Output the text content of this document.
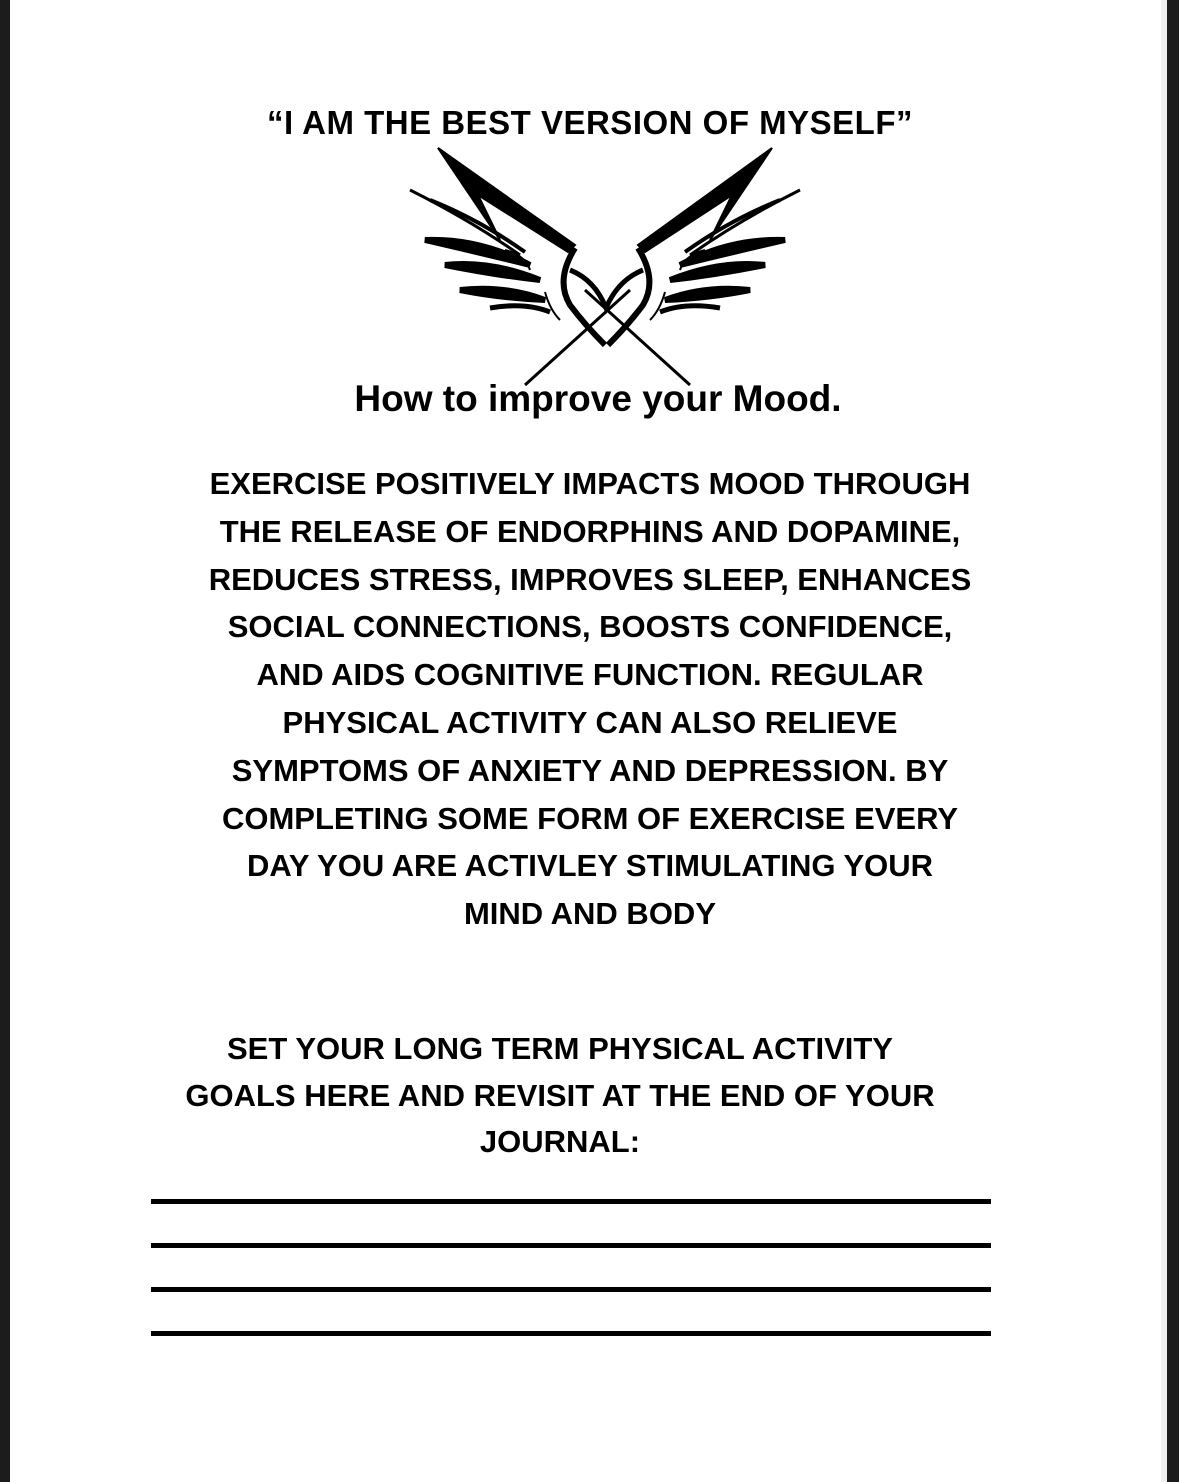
“I AM THE BEST VERSION OF MYSELF”
How to improve your Mood.
EXERCISE POSITIVELY IMPACTS MOOD THROUGH
THE RELEASE OF ENDORPHINS AND DOPAMINE,
REDUCES STRESS, IMPROVES SLEEP, ENHANCES
SOCIAL CONNECTIONS, BOOSTS CONFIDENCE,
AND AIDS COGNITIVE FUNCTION. REGULAR
PHYSICAL ACTIVITY CAN ALSO RELIEVE
SYMPTOMS OF ANXIETY AND DEPRESSION. BY
COMPLETING SOME FORM OF EXERCISE EVERY
DAY YOU ARE ACTIVLEY STIMULATING YOUR
MIND AND BODY
SET YOUR LONG TERM PHYSICAL ACTIVITY
GOALS HERE AND REVISIT AT THE END OF YOUR
JOURNAL:
